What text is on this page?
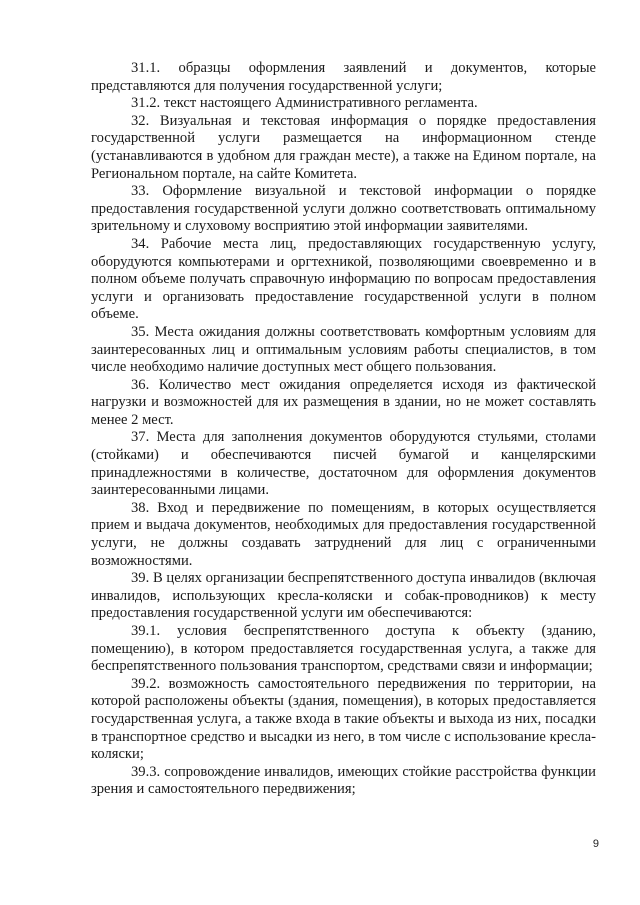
31.1. образцы оформления заявлений и документов, которые представляются для получения государственной услуги;

31.2. текст настоящего Административного регламента.

32. Визуальная и текстовая информация о порядке предоставления государственной услуги размещается на информационном стенде (устанавливаются в удобном для граждан месте), а также на Едином портале, на Региональном портале, на сайте Комитета.

33. Оформление визуальной и текстовой информации о порядке предоставления государственной услуги должно соответствовать оптимальному зрительному и слуховому восприятию этой информации заявителями.

34. Рабочие места лиц, предоставляющих государственную услугу, оборудуются компьютерами и оргтехникой, позволяющими своевременно и в полном объеме получать справочную информацию по вопросам предоставления услуги и организовать предоставление государственной услуги в полном объеме.

35. Места ожидания должны соответствовать комфортным условиям для заинтересованных лиц и оптимальным условиям работы специалистов, в том числе необходимо наличие доступных мест общего пользования.

36. Количество мест ожидания определяется исходя из фактической нагрузки и возможностей для их размещения в здании, но не может составлять менее 2 мест.

37. Места для заполнения документов оборудуются стульями, столами (стойками) и обеспечиваются писчей бумагой и канцелярскими принадлежностями в количестве, достаточном для оформления документов заинтересованными лицами.

38. Вход и передвижение по помещениям, в которых осуществляется прием и выдача документов, необходимых для предоставления государственной услуги, не должны создавать затруднений для лиц с ограниченными возможностями.

39. В целях организации беспрепятственного доступа инвалидов (включая инвалидов, использующих кресла-коляски и собак-проводников) к месту предоставления государственной услуги им обеспечиваются:

39.1. условия беспрепятственного доступа к объекту (зданию, помещению), в котором предоставляется государственная услуга, а также для беспрепятственного пользования транспортом, средствами связи и информации;

39.2. возможность самостоятельного передвижения по территории, на которой расположены объекты (здания, помещения), в которых предоставляется государственная услуга, а также входа в такие объекты и выхода из них, посадки в транспортное средство и высадки из него, в том числе с использование кресла-коляски;

39.3. сопровождение инвалидов, имеющих стойкие расстройства функции зрения и самостоятельного передвижения;

9
